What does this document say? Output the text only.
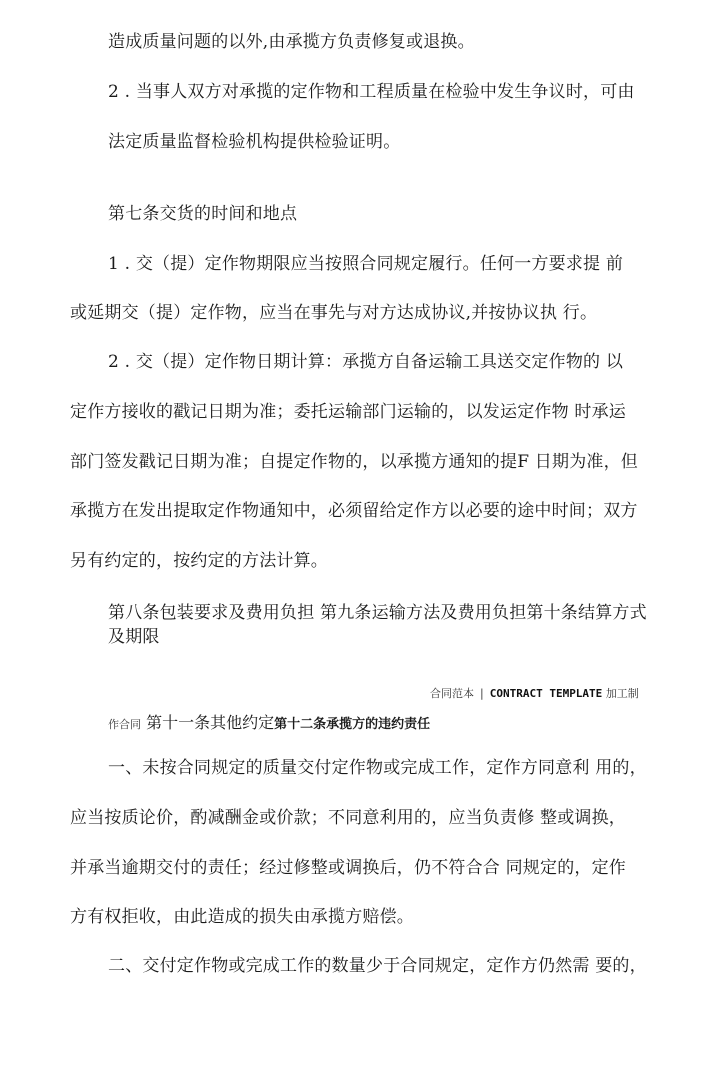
造成质量问题的以外,由承揽方负责修复或退换。
2 . 当事人双方对承揽的定作物和工程质量在检验中发生争议时，可由
法定质量监督检验机构提供检验证明。
第七条交货的时间和地点
1 . 交（提）定作物期限应当按照合同规定履行。任何一方要求提 前
或延期交（提）定作物，应当在事先与对方达成协议,并按协议执 行。
2 . 交（提）定作物日期计算：承揽方自备运输工具送交定作物的 以
定作方接收的戳记日期为准；委托运输部门运输的，以发运定作物 时承运
部门签发戳记日期为准；自提定作物的，以承揽方通知的提F 日期为准，但
承揽方在发出提取定作物通知中，必须留给定作方以必要的途中时间；双方
另有约定的，按约定的方法计算。
第八条包装要求及费用负担 第九条运输方法及费用负担第十条结算方式及期限
合同范本 | CONTRACT TEMPLATE 加工制
作合同 第十一条其他约定第十二条承揽方的违约责任
一、未按合同规定的质量交付定作物或完成工作，定作方同意利 用的，
应当按质论价，酌减酬金或价款；不同意利用的，应当负责修 整或调换，
并承当逾期交付的责任；经过修整或调换后，仍不符合合 同规定的，定作
方有权拒收，由此造成的损失由承揽方赔偿。
二、交付定作物或完成工作的数量少于合同规定，定作方仍然需 要的，
